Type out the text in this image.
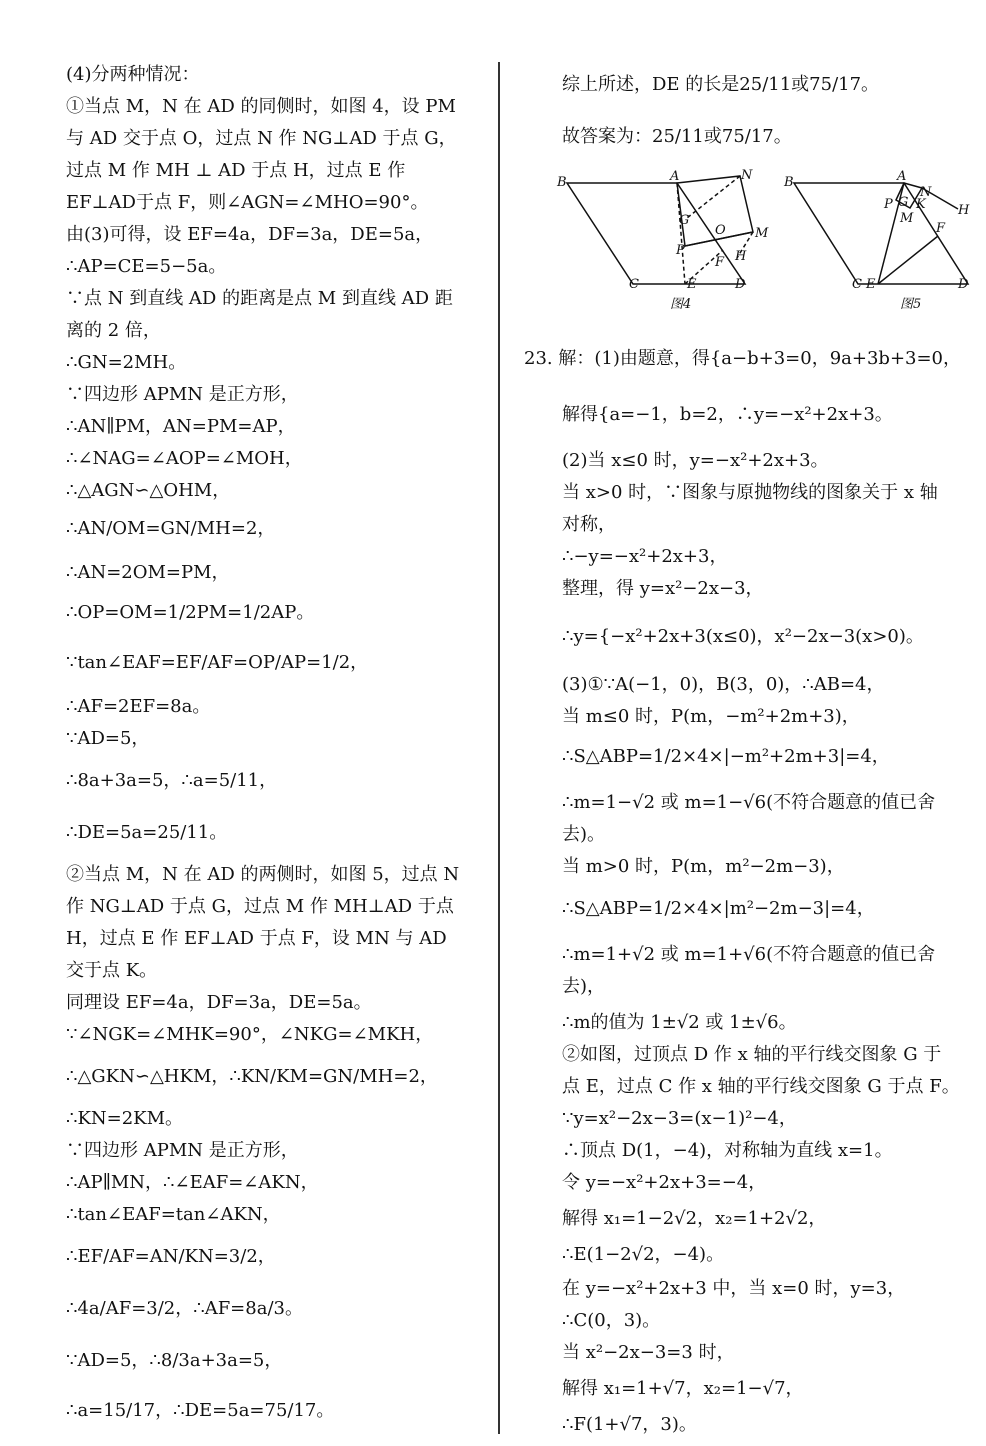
(4)分两种情况：
①当点 M，N 在 AD 的同侧时，如图 4，设 PM
与 AD 交于点 O，过点 N 作 NG⊥AD 于点 G，
过点 M 作 MH ⊥ AD 于点 H，过点 E 作
EF⊥AD于点 F，则∠AGN=∠MHO=90°。
由(3)可得，设 EF=4a，DF=3a，DE=5a，
∴AP=CE=5−5a。
∵点 N 到直线 AD 的距离是点 M 到直线 AD 距
离的 2 倍，
∴GN=2MH。
∵四边形 APMN 是正方形，
∴AN∥PM，AN=PM=AP，
∴∠NAG=∠AOP=∠MOH，
∴△AGN∽△OHM，
∴AN/OM=GN/MH=2，
∴AN=2OM=PM，
∴OP=OM=1/2PM=1/2AP。
∵tan∠EAF=EF/AF=OP/AP=1/2，
∴AF=2EF=8a。
∵AD=5，
∴8a+3a=5，∴a=5/11，
∴DE=5a=25/11。
②当点 M，N 在 AD 的两侧时，如图 5，过点 N
作 NG⊥AD 于点 G，过点 M 作 MH⊥AD 于点
H，过点 E 作 EF⊥AD 于点 F，设 MN 与 AD
交于点 K。
同理设 EF=4a，DF=3a，DE=5a。
∵∠NGK=∠MHK=90°，∠NKG=∠MKH，
∴△GKN∽△HKM，∴KN/KM=GN/MH=2，
∴KN=2KM。
∵四边形 APMN 是正方形，
∴AP∥MN，∴∠EAF=∠AKN，
∴tan∠EAF=tan∠AKN，
∴EF/AF=AN/KN=3/2，
∴4a/AF=3/2，∴AF=8a/3。
∵AD=5，∴8/3a+3a=5，
∴a=15/17，∴DE=5a=75/17。
综上所述，DE 的长是25/11或75/17。
故答案为：25/11或75/17。
B	A	N
G
O M
P
F H
C	E	D
图4
B	A
N
P G K H
M
F
C E	D
图5
23. 解：(1)由题意，得{a−b+3=0，9a+3b+3=0，
解得{a=−1，b=2，∴y=−x²+2x+3。
(2)当 x≤0 时，y=−x²+2x+3。
当 x>0 时，∵图象与原抛物线的图象关于 x 轴
对称，
∴−y=−x²+2x+3，
整理，得 y=x²−2x−3，
∴y={−x²+2x+3(x≤0)，x²−2x−3(x>0)。
(3)①∵A(−1，0)，B(3，0)，∴AB=4，
当 m≤0 时，P(m，−m²+2m+3)，
∴S△ABP=1/2×4×|−m²+2m+3|=4，
∴m=1−√2 或 m=1−√6(不符合题意的值已舍
去)。
当 m>0 时，P(m，m²−2m−3)，
∴S△ABP=1/2×4×|m²−2m−3|=4，
∴m=1+√2 或 m=1+√6(不符合题意的值已舍
去)，
∴m的值为 1±√2 或 1±√6。
②如图，过顶点 D 作 x 轴的平行线交图象 G 于
点 E，过点 C 作 x 轴的平行线交图象 G 于点 F。
∵y=x²−2x−3=(x−1)²−4，
∴顶点 D(1，−4)，对称轴为直线 x=1。
令 y=−x²+2x+3=−4，
解得 x₁=1−2√2，x₂=1+2√2，
∴E(1−2√2，−4)。
在 y=−x²+2x+3 中，当 x=0 时，y=3，
∴C(0，3)。
当 x²−2x−3=3 时，
解得 x₁=1+√7，x₂=1−√7，
∴F(1+√7，3)。
